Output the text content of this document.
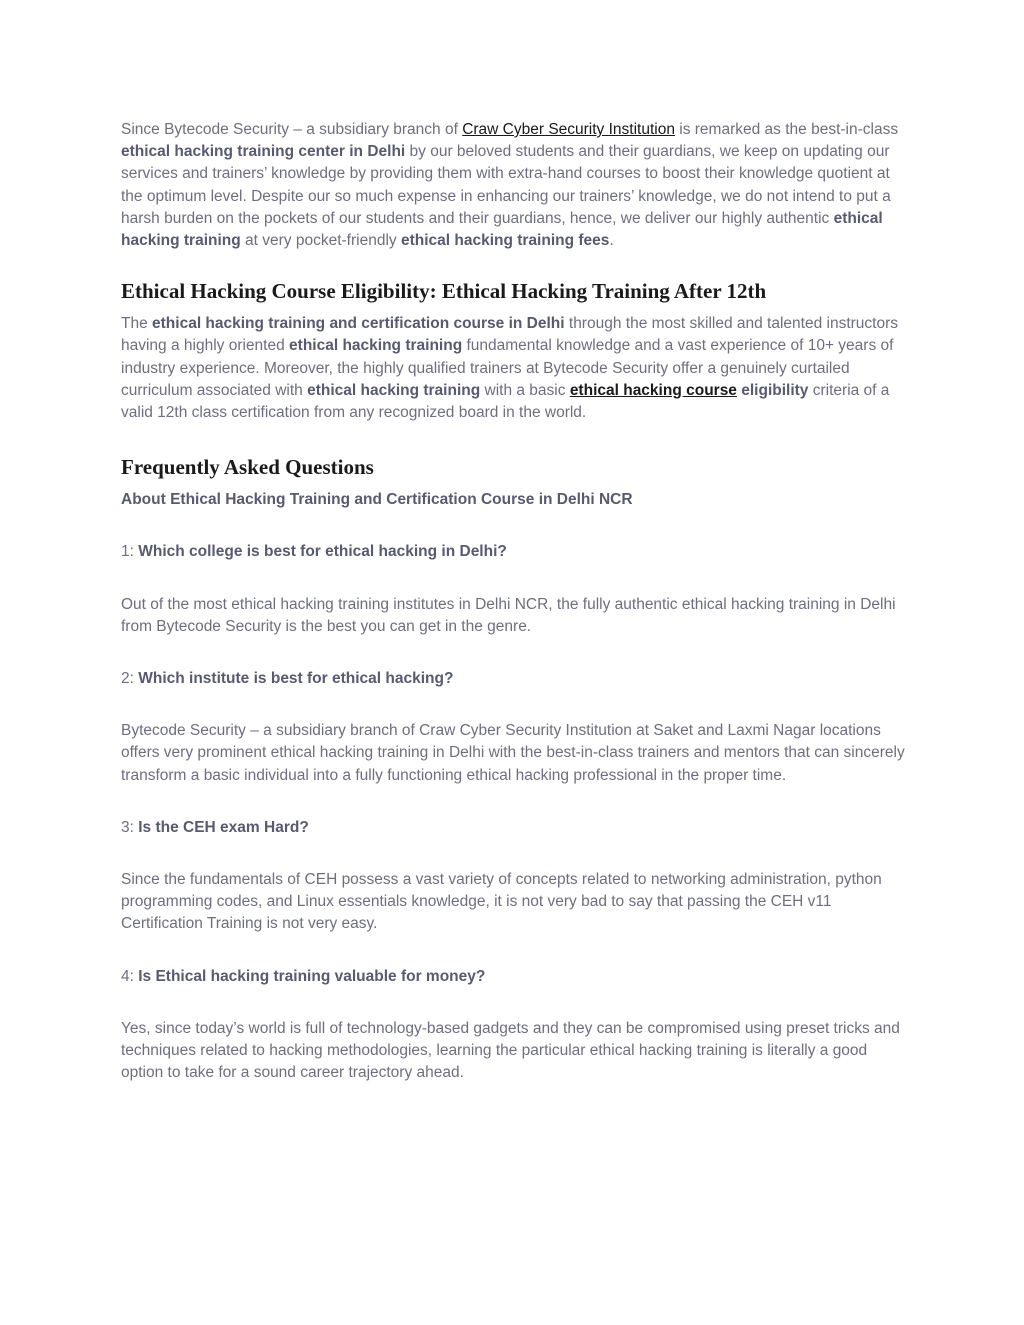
Since Bytecode Security – a subsidiary branch of Craw Cyber Security Institution is remarked as the best-in-class ethical hacking training center in Delhi by our beloved students and their guardians, we keep on updating our services and trainers’ knowledge by providing them with extra-hand courses to boost their knowledge quotient at the optimum level. Despite our so much expense in enhancing our trainers’ knowledge, we do not intend to put a harsh burden on the pockets of our students and their guardians, hence, we deliver our highly authentic ethical hacking training at very pocket-friendly ethical hacking training fees.

Ethical Hacking Course Eligibility: Ethical Hacking Training After 12th

The ethical hacking training and certification course in Delhi through the most skilled and talented instructors having a highly oriented ethical hacking training fundamental knowledge and a vast experience of 10+ years of industry experience. Moreover, the highly qualified trainers at Bytecode Security offer a genuinely curtailed curriculum associated with ethical hacking training with a basic ethical hacking course eligibility criteria of a valid 12th class certification from any recognized board in the world.

Frequently Asked Questions

About Ethical Hacking Training and Certification Course in Delhi NCR

1: Which college is best for ethical hacking in Delhi?

Out of the most ethical hacking training institutes in Delhi NCR, the fully authentic ethical hacking training in Delhi from Bytecode Security is the best you can get in the genre.

2: Which institute is best for ethical hacking?

Bytecode Security – a subsidiary branch of Craw Cyber Security Institution at Saket and Laxmi Nagar locations offers very prominent ethical hacking training in Delhi with the best-in-class trainers and mentors that can sincerely transform a basic individual into a fully functioning ethical hacking professional in the proper time.

3: Is the CEH exam Hard?

Since the fundamentals of CEH possess a vast variety of concepts related to networking administration, python programming codes, and Linux essentials knowledge, it is not very bad to say that passing the CEH v11 Certification Training is not very easy.

4: Is Ethical hacking training valuable for money?

Yes, since today’s world is full of technology-based gadgets and they can be compromised using preset tricks and techniques related to hacking methodologies, learning the particular ethical hacking training is literally a good option to take for a sound career trajectory ahead.
